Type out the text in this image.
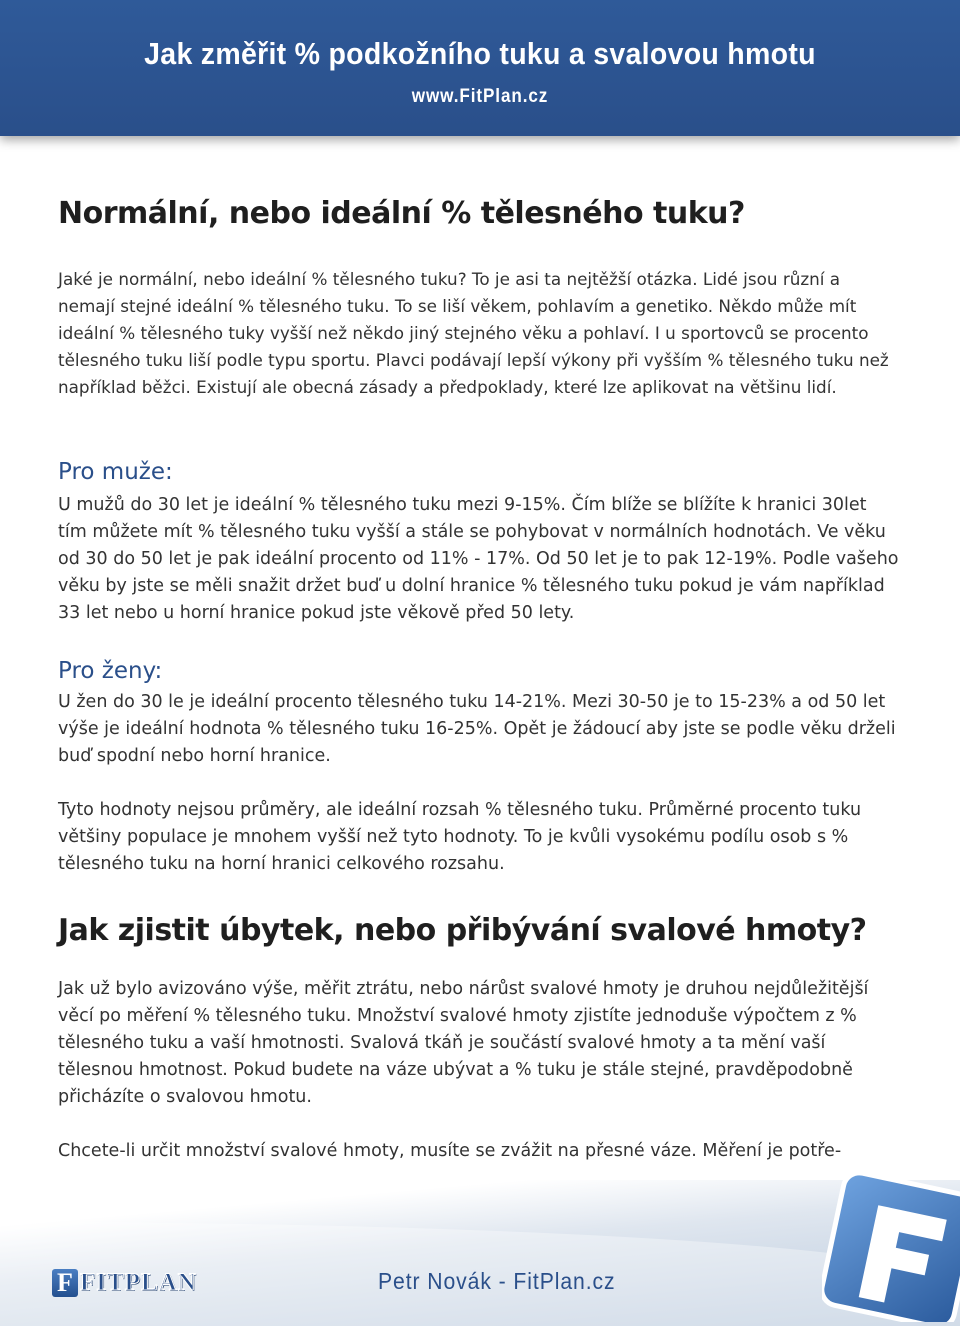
Jak změřit % podkožního tuku a svalovou hmotu
www.FitPlan.cz
Normální, nebo ideální % tělesného tuku?

Jaké je normální, nebo ideální % tělesného tuku? To je asi ta nejtěžší otázka. Lidé jsou různí a nemají stejné ideální % tělesného tuku. To se liší věkem, pohlavím a genetiko. Někdo může mít ideální % tělesného tuky vyšší než někdo jiný stejného věku a pohlaví. I u sportovců se procento tělesného tuku liší podle typu sportu. Plavci podávají lepší výkony při vyšším % tělesného tuku než například běžci. Existují ale obecná zásady a předpoklady, které lze aplikovat na většinu lidí.

Pro muže:

U mužů do 30 let je ideální % tělesného tuku mezi 9-15%. Čím blíže se blížíte k hranici 30let tím můžete mít % tělesného tuku vyšší a stále se pohybovat v normálních hodnotách. Ve věku od 30 do 50 let je pak ideální procento od 11% - 17%. Od 50 let je to pak 12-19%. Podle vašeho věku by jste se měli snažit držet buď u dolní hranice % tělesného tuku pokud je vám například 33 let nebo u horní hranice pokud jste věkově před 50 lety.

Pro ženy:

U žen do 30 le je ideální procento tělesného tuku 14-21%. Mezi 30-50 je to 15-23% a od 50 let výše je ideální hodnota % tělesného tuku 16-25%. Opět je žádoucí aby jste se podle věku drželi buď spodní nebo horní hranice.

Tyto hodnoty nejsou průměry, ale ideální rozsah % tělesného tuku. Průměrné procento tuku většiny populace je mnohem vyšší než tyto hodnoty. To je kvůli vysokému podílu osob s % tělesného tuku na horní hranici celkového rozsahu.

Jak zjistit úbytek, nebo přibývání svalové hmoty?

Jak už bylo avizováno výše, měřit ztrátu, nebo nárůst svalové hmoty je druhou nejdůležitější věcí po měření % tělesného tuku. Množství svalové hmoty zjistíte jednoduše výpočtem z % tělesného tuku a vaší hmotnosti. Svalová tkáň je součástí svalové hmoty a ta mění vaší tělesnou hmotnost. Pokud budete na váze ubývat a % tuku je stále stejné, pravděpodobně přicházíte o svalovou hmotu.

Chcete-li určit množství svalové hmoty, musíte se zvážit na přesné váze. Měření je potře-

F FITPLAN	Petr Novák - FitPlan.cz
